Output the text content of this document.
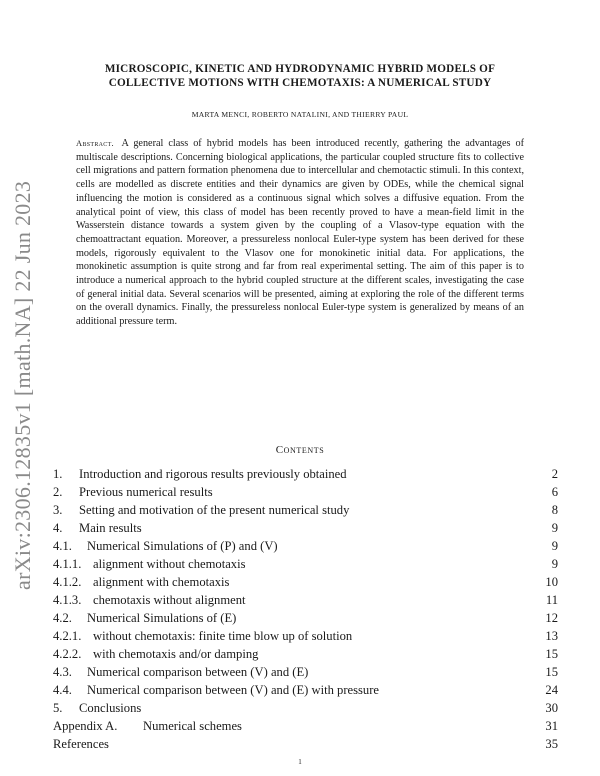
arXiv:2306.12835v1 [math.NA] 22 Jun 2023
MICROSCOPIC, KINETIC AND HYDRODYNAMIC HYBRID MODELS OF
COLLECTIVE MOTIONS WITH CHEMOTAXIS: A NUMERICAL STUDY
MARTA MENCI, ROBERTO NATALINI, AND THIERRY PAUL
Abstract. A general class of hybrid models has been introduced recently, gathering the advantages of multiscale descriptions. Concerning biological applications, the particular coupled structure fits to collective cell migrations and pattern formation phenomena due to intercellular and chemotactic stimuli. In this context, cells are modelled as discrete entities and their dynamics are given by ODEs, while the chemical signal influencing the motion is considered as a continuous signal which solves a diffusive equation. From the analytical point of view, this class of model has been recently proved to have a mean-field limit in the Wasserstein distance towards a system given by the coupling of a Vlasov-type equation with the chemoattractant equation. Moreover, a pressureless nonlocal Euler-type system has been derived for these models, rigorously equivalent to the Vlasov one for monokinetic initial data. For applications, the monokinetic assumption is quite strong and far from real experimental setting. The aim of this paper is to introduce a numerical approach to the hybrid coupled structure at the different scales, investigating the case of general initial data. Several scenarios will be presented, aiming at exploring the role of the different terms on the overall dynamics. Finally, the pressureless nonlocal Euler-type system is generalized by means of an additional pressure term.
Contents
1.	Introduction and rigorous results previously obtained	2
2.	Previous numerical results	6
3.	Setting and motivation of the present numerical study	8
4.	Main results	9
4.1.	Numerical Simulations of (P) and (V)	9
4.1.1. alignment without chemotaxis	9
4.1.2. alignment with chemotaxis	10
4.1.3. chemotaxis without alignment	11
4.2.	Numerical Simulations of (E)	12
4.2.1. without chemotaxis: finite time blow up of solution	13
4.2.2. with chemotaxis and/or damping	15
4.3.	Numerical comparison between (V) and (E)	15
4.4.	Numerical comparison between (V) and (E) with pressure	24
5.	Conclusions	30
Appendix A.	Numerical schemes	31
References	35
1
